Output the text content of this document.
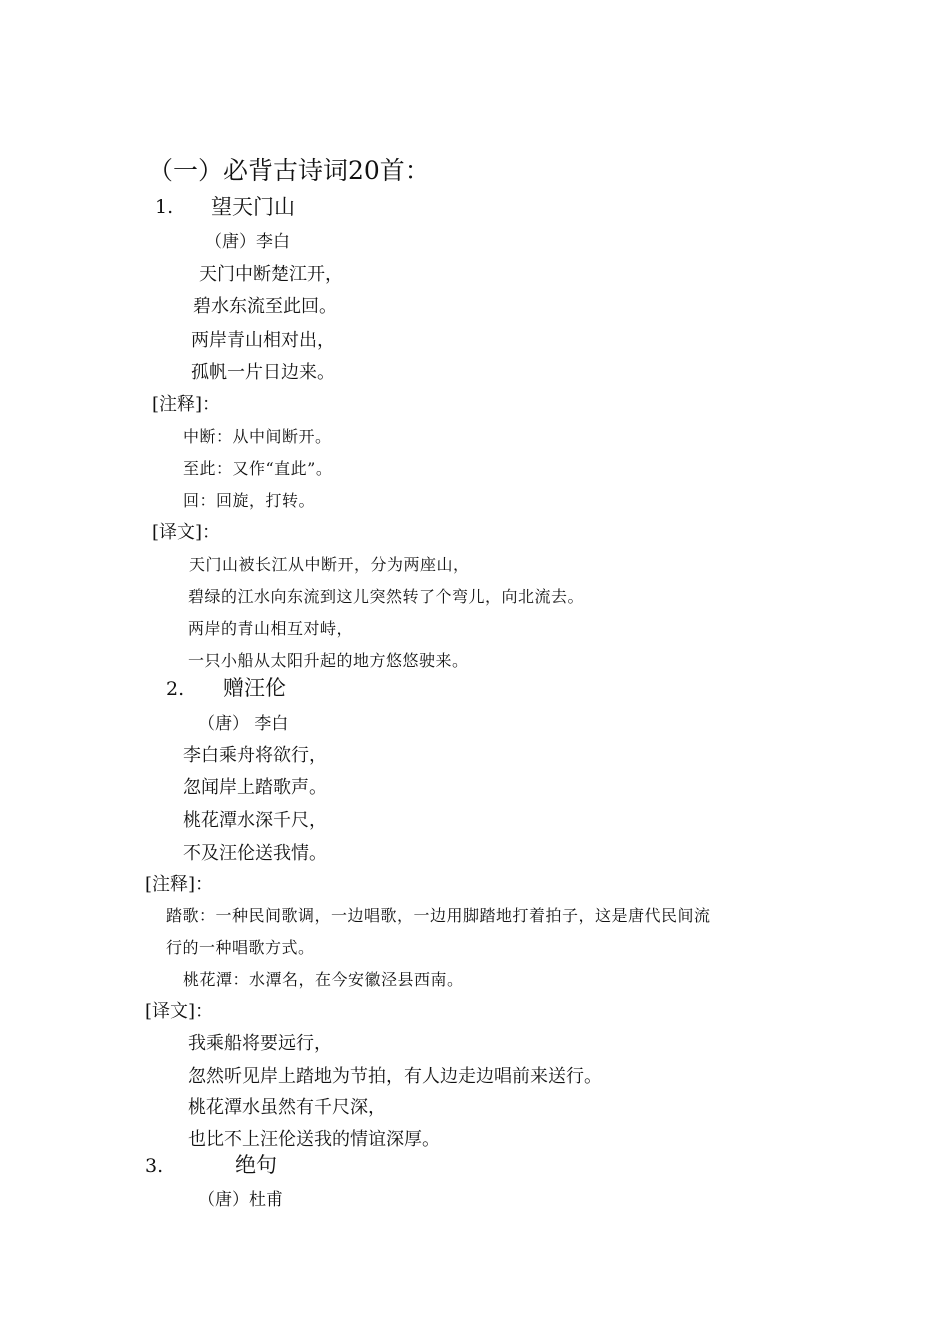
（一）必背古诗词20首：
1. 望天门山
（唐）李白
天门中断楚江开，
碧水东流至此回。
两岸青山相对出，
孤帆一片日边来。
[注释]：
中断：从中间断开。
至此：又作“直此”。
回：回旋，打转。
[译文]：
天门山被长江从中断开，分为两座山，
碧绿的江水向东流到这儿突然转了个弯儿，向北流去。
两岸的青山相互对峙，
一只小船从太阳升起的地方悠悠驶来。
2. 赠汪伦
（唐） 李白
李白乘舟将欲行，
忽闻岸上踏歌声。
桃花潭水深千尺，
不及汪伦送我情。
[注释]：
踏歌：一种民间歌调，一边唱歌，一边用脚踏地打着拍子，这是唐代民间流
行的一种唱歌方式。
桃花潭：水潭名，在今安徽泾县西南。
[译文]：
我乘船将要远行，
忽然听见岸上踏地为节拍，有人边走边唱前来送行。
桃花潭水虽然有千尺深，
也比不上汪伦送我的情谊深厚。
3.	绝句
（唐）杜甫
